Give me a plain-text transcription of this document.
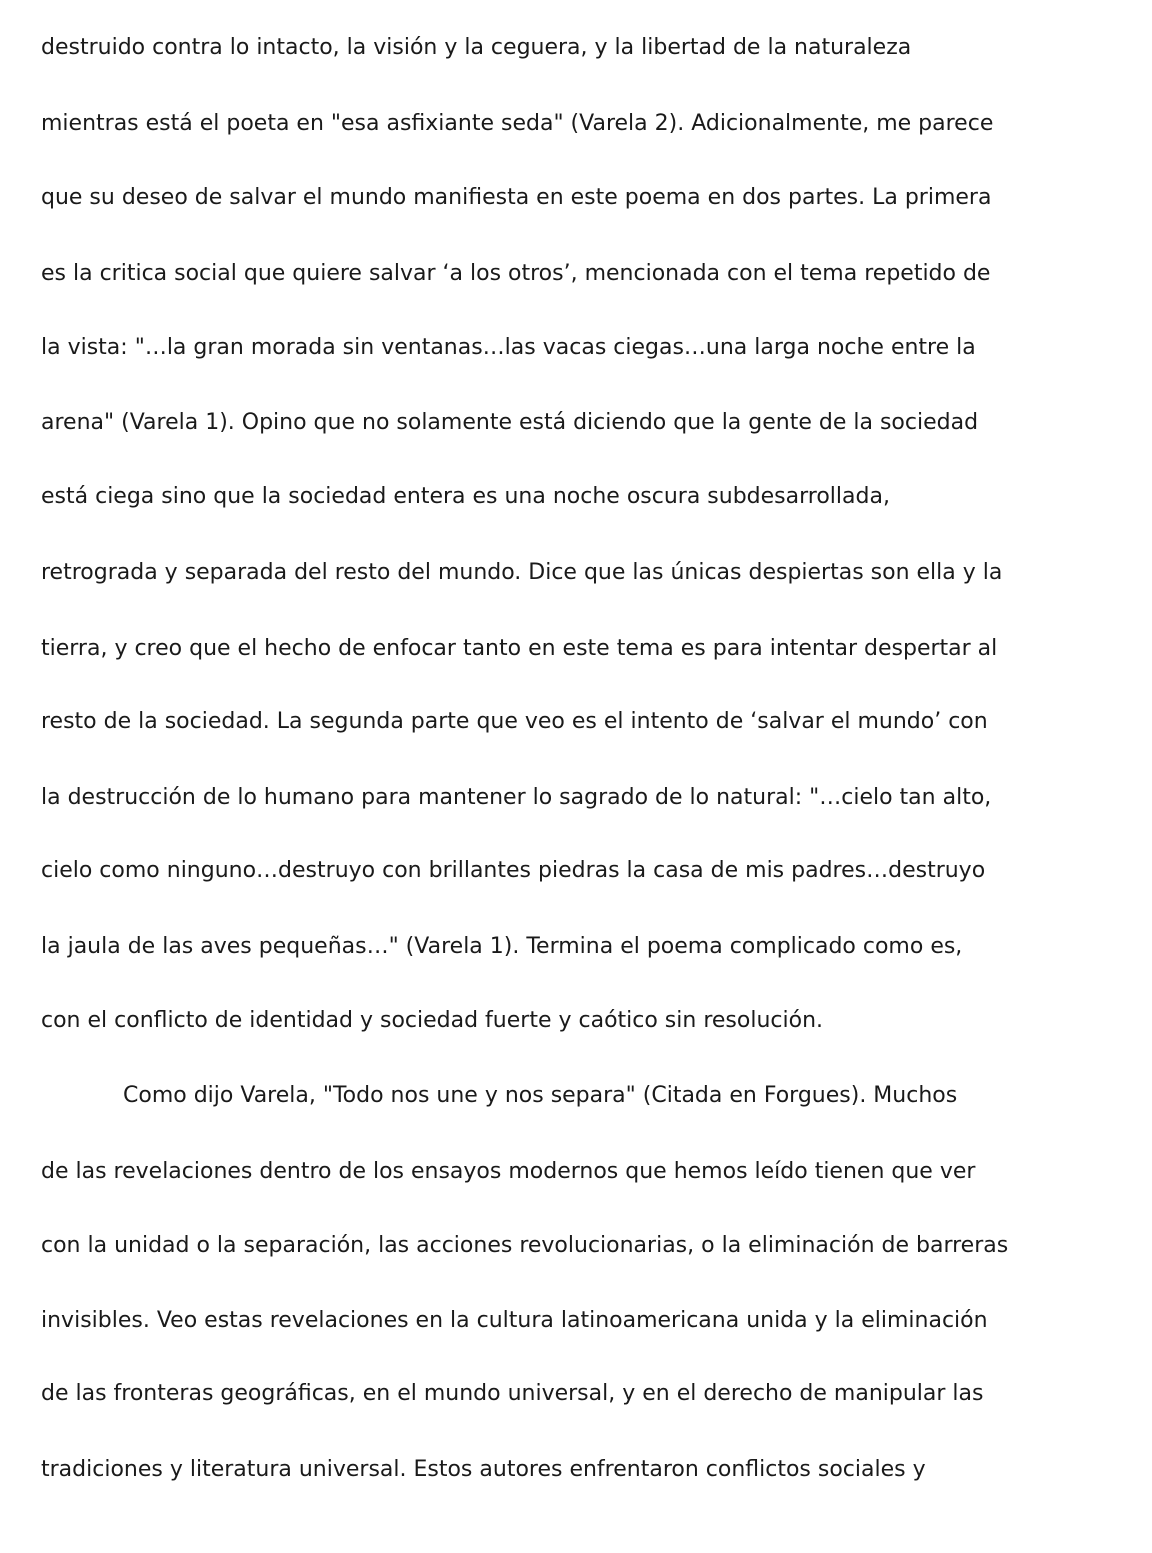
destruido contra lo intacto, la visión y la ceguera, y la libertad de la naturaleza
mientras está el poeta en "esa asfixiante seda" (Varela 2). Adicionalmente, me parece
que su deseo de salvar el mundo manifiesta en este poema en dos partes. La primera
es la critica social que quiere salvar ‘a los otros’, mencionada con el tema repetido de
la vista: "…la gran morada sin ventanas…las vacas ciegas…una larga noche entre la
arena" (Varela 1). Opino que no solamente está diciendo que la gente de la sociedad
está ciega sino que la sociedad entera es una noche oscura subdesarrollada,
retrograda y separada del resto del mundo. Dice que las únicas despiertas son ella y la
tierra, y creo que el hecho de enfocar tanto en este tema es para intentar despertar al
resto de la sociedad. La segunda parte que veo es el intento de ‘salvar el mundo’ con
la destrucción de lo humano para mantener lo sagrado de lo natural: "…cielo tan alto,
cielo como ninguno…destruyo con brillantes piedras la casa de mis padres…destruyo
la jaula de las aves pequeñas…" (Varela 1). Termina el poema complicado como es,
con el conflicto de identidad y sociedad fuerte y caótico sin resolución.
Como dijo Varela, "Todo nos une y nos separa" (Citada en Forgues). Muchos
de las revelaciones dentro de los ensayos modernos que hemos leído tienen que ver
con la unidad o la separación, las acciones revolucionarias, o la eliminación de barreras
invisibles. Veo estas revelaciones en la cultura latinoamericana unida y la eliminación
de las fronteras geográficas, en el mundo universal, y en el derecho de manipular las
tradiciones y literatura universal. Estos autores enfrentaron conflictos sociales y
